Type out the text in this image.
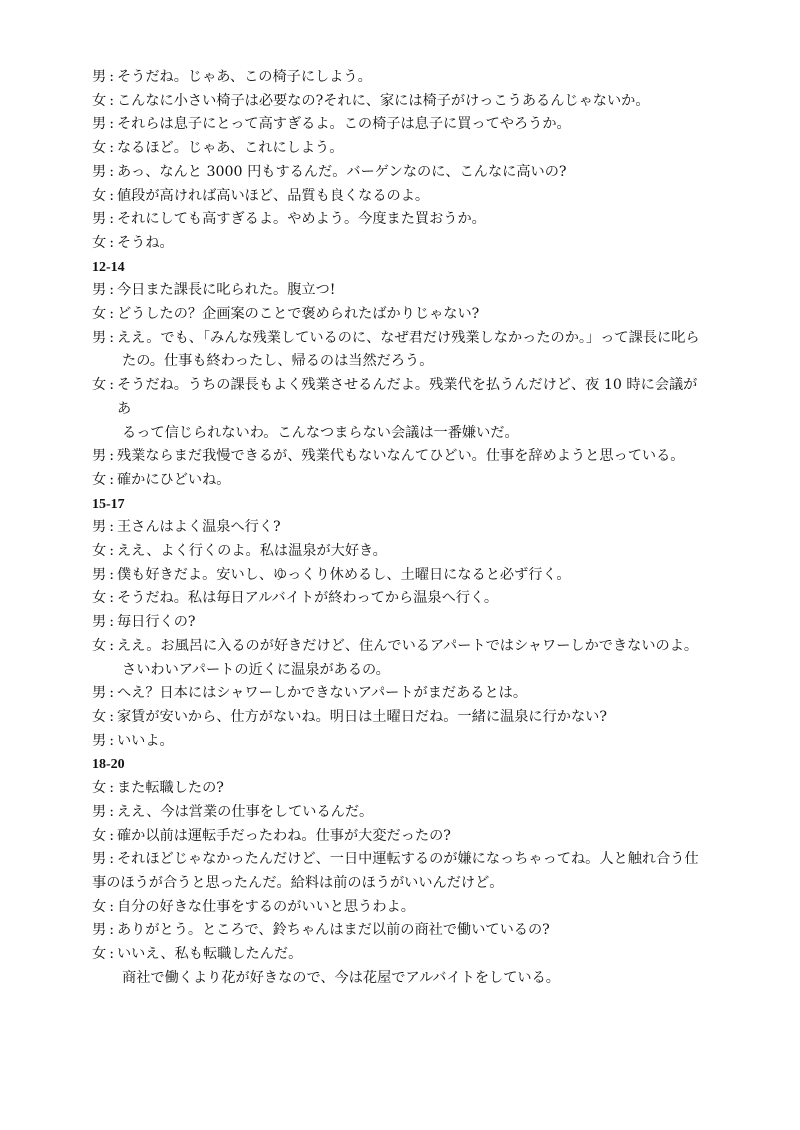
男 : そうだね。じゃあ、この椅子にしよう。
女 : こんなに小さい椅子は必要なの?それに、家には椅子がけっこうあるんじゃないか。
男 : それらは息子にとって高すぎるよ。この椅子は息子に買ってやろうか。
女 : なるほど。じゃあ、これにしよう。
男 : あっ、なんと 3000 円もするんだ。バーゲンなのに、こんなに高いの?
女 : 値段が高ければ高いほど、品質も良くなるのよ。
男 : それにしても高すぎるよ。やめよう。今度また買おうか。
女 : そうね。
12-14
男 : 今日また課長に叱られた。腹立つ!
女 : どうしたの？企画案のことで褒められたばかりじゃない?
男 : ええ。でも、「みんな残業しているのに、なぜ君だけ残業しなかったのか。」って課長に叱ら
たの。仕事も終わったし、帰るのは当然だろう。
女 : そうだね。うちの課長もよく残業させるんだよ。残業代を払うんだけど、夜 10 時に会議があ
るって信じられないわ。こんなつまらない会議は一番嫌いだ。
男 : 残業ならまだ我慢できるが、残業代もないなんてひどい。仕事を辞めようと思っている。
女 : 確かにひどいね。
15-17
男 : 王さんはよく温泉へ行く?
女 : ええ、よく行くのよ。私は温泉が大好き。
男 : 僕も好きだよ。安いし、ゆっくり休めるし、土曜日になると必ず行く。
女 : そうだね。私は毎日アルバイトが終わってから温泉へ行く。
男 : 毎日行くの?
女 : ええ。お風呂に入るのが好きだけど、住んでいるアパートではシャワーしかできないのよ。
さいわいアパートの近くに温泉があるの。
男 : へえ？日本にはシャワーしかできないアパートがまだあるとは。
女 : 家賃が安いから、仕方がないね。明日は土曜日だね。一緒に温泉に行かない?
男 : いいよ。
18-20
女 : また転職したの?
男 : ええ、今は営業の仕事をしているんだ。
女 : 確か以前は運転手だったわね。仕事が大変だったの?
男 : それほどじゃなかったんだけど、一日中運転するのが嫌になっちゃってね。人と触れ合う仕
事のほうが合うと思ったんだ。給料は前のほうがいいんだけど。
女 : 自分の好きな仕事をするのがいいと思うわよ。
男 : ありがとう。ところで、鈴ちゃんはまだ以前の商社で働いているの?
女 : いいえ、私も転職したんだ。
商社で働くより花が好きなので、今は花屋でアルバイトをしている。
